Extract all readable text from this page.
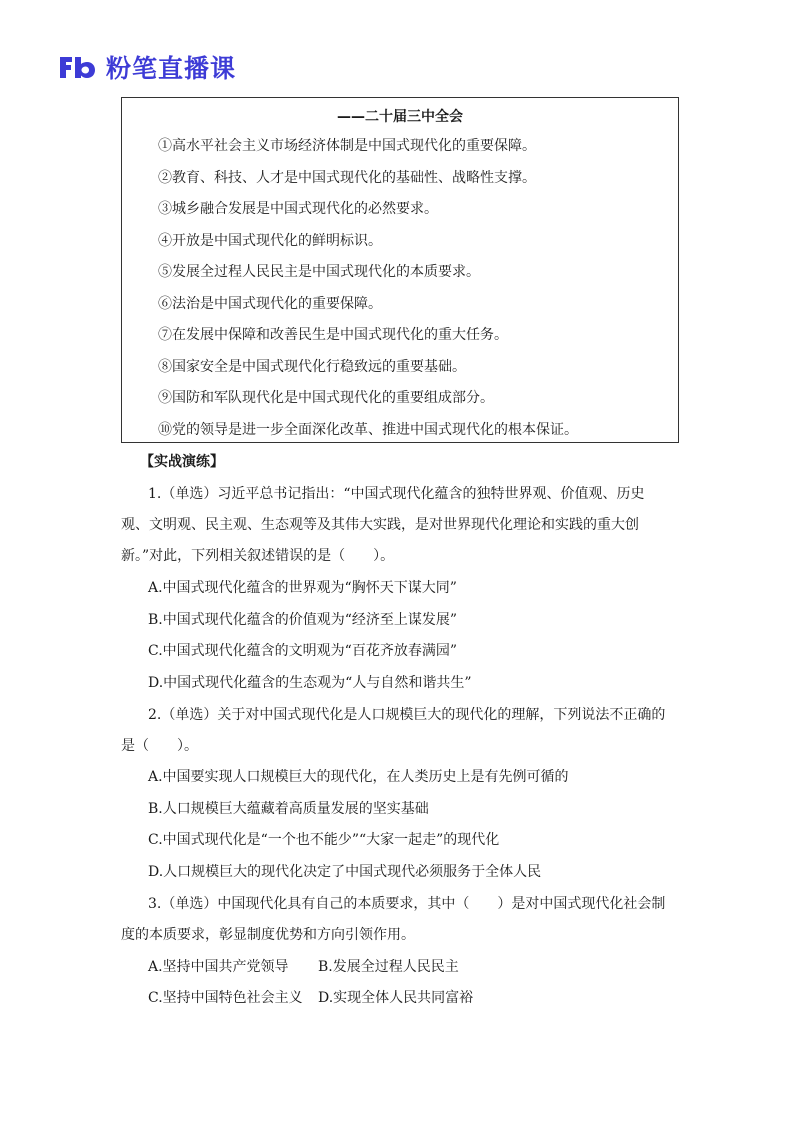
粉笔直播课
——二十届三中全会
①高水平社会主义市场经济体制是中国式现代化的重要保障。
②教育、科技、人才是中国式现代化的基础性、战略性支撑。
③城乡融合发展是中国式现代化的必然要求。
④开放是中国式现代化的鲜明标识。
⑤发展全过程人民民主是中国式现代化的本质要求。
⑥法治是中国式现代化的重要保障。
⑦在发展中保障和改善民生是中国式现代化的重大任务。
⑧国家安全是中国式现代化行稳致远的重要基础。
⑨国防和军队现代化是中国式现代化的重要组成部分。
⑩党的领导是进一步全面深化改革、推进中国式现代化的根本保证。
【实战演练】
1.（单选）习近平总书记指出：“中国式现代化蕴含的独特世界观、价值观、历史
观、文明观、民主观、生态观等及其伟大实践，是对世界现代化理论和实践的重大创
新。”对此，下列相关叙述错误的是（　　）。
A.中国式现代化蕴含的世界观为“胸怀天下谋大同”
B.中国式现代化蕴含的价值观为“经济至上谋发展”
C.中国式现代化蕴含的文明观为“百花齐放春满园”
D.中国式现代化蕴含的生态观为“人与自然和谐共生”
2.（单选）关于对中国式现代化是人口规模巨大的现代化的理解，下列说法不正确的
是（　　）。
A.中国要实现人口规模巨大的现代化，在人类历史上是有先例可循的
B.人口规模巨大蕴藏着高质量发展的坚实基础
C.中国式现代化是“一个也不能少”“大家一起走”的现代化
D.人口规模巨大的现代化决定了中国式现代必须服务于全体人民
3.（单选）中国现代化具有自己的本质要求，其中（　　）是对中国式现代化社会制
度的本质要求，彰显制度优势和方向引领作用。
A.坚持中国共产党领导 B.发展全过程人民民主
C.坚持中国特色社会主义 D.实现全体人民共同富裕
